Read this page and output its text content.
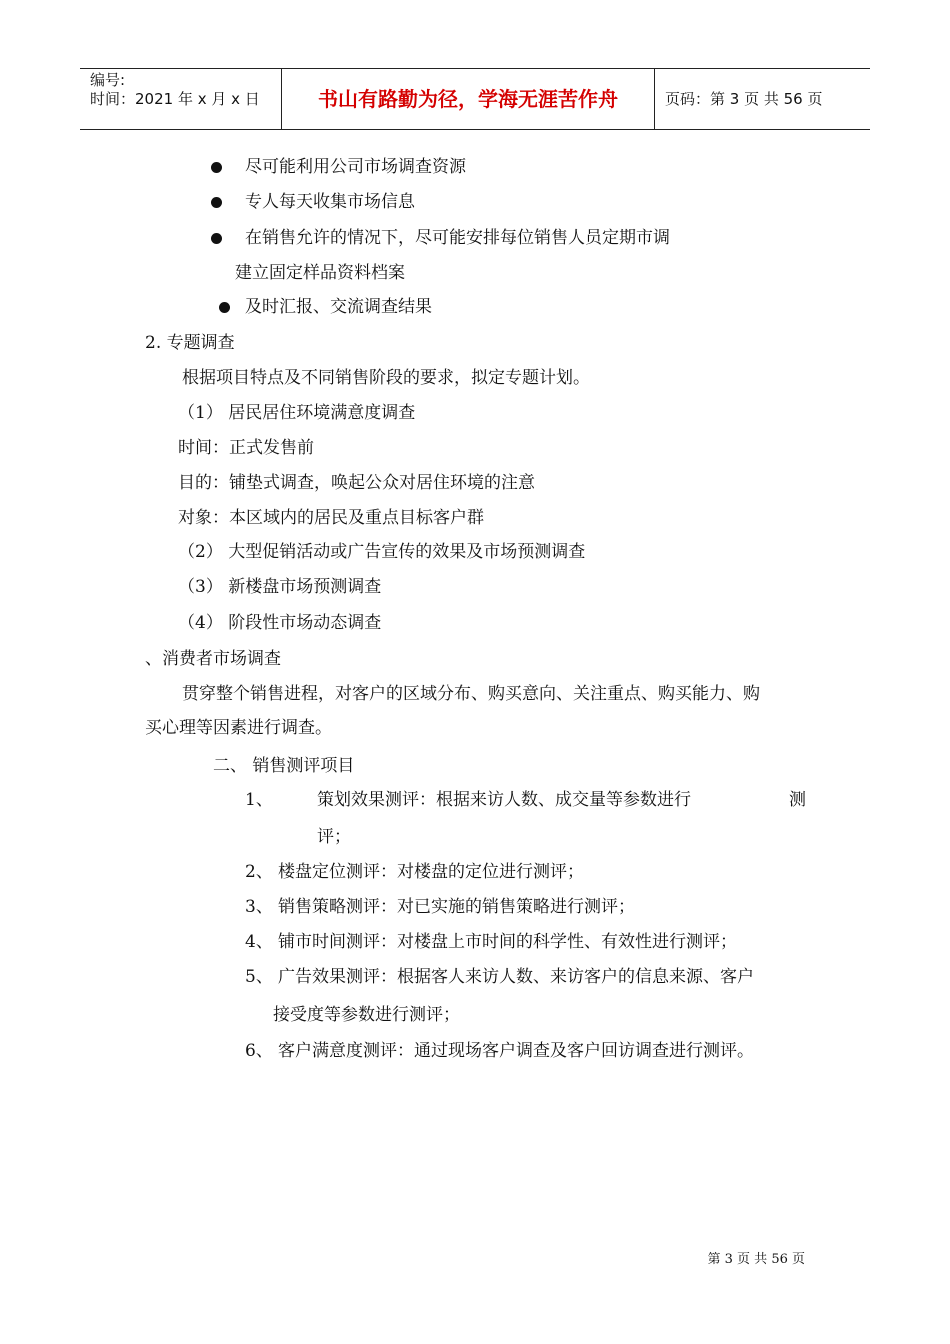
编号:
时间：2021 年 x 月 x 日	书山有路勤为径，学海无涯苦作舟	页码：第 3 页 共 56 页
尽可能利用公司市场调查资源
专人每天收集市场信息
在销售允许的情况下，尽可能安排每位销售人员定期市调
建立固定样品资料档案
及时汇报、交流调查结果
2. 专题调查
根据项目特点及不同销售阶段的要求，拟定专题计划。
（1） 居民居住环境满意度调查
时间：正式发售前
目的：铺垫式调查，唤起公众对居住环境的注意
对象：本区域内的居民及重点目标客户群
（2） 大型促销活动或广告宣传的效果及市场预测调查
（3） 新楼盘市场预测调查
（4） 阶段性市场动态调查
、消费者市场调查
贯穿整个销售进程，对客户的区域分布、购买意向、关注重点、购买能力、购
买心理等因素进行调查。
二、 销售测评项目
1、	策划效果测评：根据来访人数、成交量等参数进行	测
评；
2、 楼盘定位测评：对楼盘的定位进行测评；
3、 销售策略测评：对已实施的销售策略进行测评；
4、 铺市时间测评：对楼盘上市时间的科学性、有效性进行测评；
5、 广告效果测评：根据客人来访人数、来访客户的信息来源、客户
接受度等参数进行测评；
6、 客户满意度测评：通过现场客户调查及客户回访调查进行测评。
第 3 页 共 56 页
